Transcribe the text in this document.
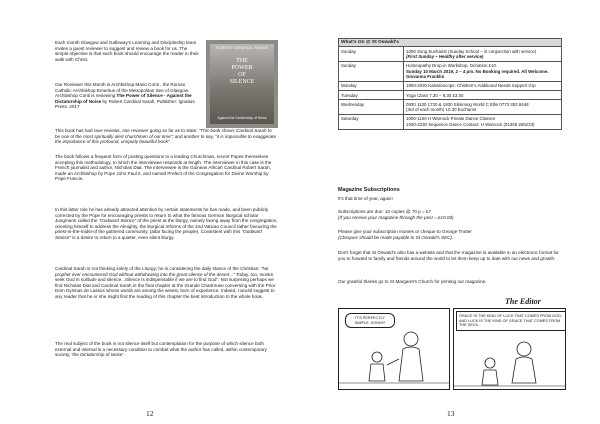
Each month Glasgow and Galloway's Learning and Discipleship team invites a guest reviewer to suggest and review a book for us. The simple objective is that each book should encourage the reader in their walk with Christ.

Our Reviewer this Month is Archbishop Mario Conti , the Roman Catholic Archbishop Emeritus of the Metropolitan See of Glasgow. Archbishop Conti is reviewing The Power of Silence - Against the Dictatorship of Noise by Robert Cardinal Sarah, Publisher: Ignatius Press. 2017

ROBERT CARDINAL SARAH
THE
POWER
OF
SILENCE
Against the Dictatorship of Noise

This book has had rave reviews, one reviewer going so far as to state: "This book shows Cardinal Sarah to be one of the most spiritually alert churchmen of our time"; and another to say, "it is impossible to exaggerate the importance of this profound, uniquely beautiful book".

The book follows a frequent form of posting questions to a leading Churchman, recent Popes themselves accepting this methodology, to which the interviewee responds at length. The interviewer in this case is the French journalist and author, Nicholas Diat. The interviewee is the Guinean African Cardinal Robert Sarah, made an Archbishop by Pope John Paul II, and named Prefect of the Congregation for Divine Worship by Pope Francis.

In this latter role he has already attracted attention by certain statements he has made, and been publicly corrected by the Pope for encouraging priests to return to what the famous German liturgical scholar Jungmann called the "Godward Stance" of the priest at the liturgy, namely facing away from the congregation, orienting himself to address the Almighty, the liturgical reforms of the 2nd Vatican Council rather favouring the priest-in-the-midst-of the gathered community, (altar facing the people). Consistent with this "Godward Stance" is a desire to return to a quieter, even silent liturgy.

Cardinal Sarah is not thinking solely of the Liturgy; he is considering the daily stance of the Christian: "No prophet ever encountered God without withdrawing into the great silence of the desert..." Today, too, monks seek God in solitude and silence...Silence is indispensable if we are to find God". Not surprising perhaps we find Nicholas Diat and Cardinal Sarah in the final chapter at the Grande Chartreuse conversing with the Prior Dom Dysmas de Lassus whose words are among the wisest, born of experience. Indeed, I would suggest to any reader that he or she might find the reading of this chapter the best introduction to the whole book.

The real subject of the book is not silence itself but contemplation for the purpose of which silence both external and internal is a necessary condition to combat what the author has called, within contemporary society, 'the Dictatorship of Noise'.

12
What's On @ St Oswald's	
Sunday	1000 Sung Eucharist (Sunday School – in conjunction with service)
(First Sunday – Healthy after service)

Sunday	Homeopathy Drop-in Workshop, Donation £10.
Sunday 10 March 2019, 2 – 4 pm. No Booking required. All Welcome. Giovanna Franklin

Monday	1800-2030 Kaleidoscope: Children's Additional Needs Support Grp

Tuesday	Yoga Class 7.30 – 8.30 £3.00

Wednesday	0930 1130 1730 & 1930 Slimming World C Ellis 0773 353 8448
(3rd of each month) 10.30 Eucharist

Saturday	1000-1100 H Warnock Private Dance Classes
1930-2230 Sequence Dance Contact: H Warnock (01355 265233)
Magazine Subscriptions

It's that time of year, again!

Subscriptions are due: 10 copies @ 70 p = £7
(If you receive your magazine through the post = £10.00)

Please give your subscription monies or cheque to George Trotter
(Cheques should be made payable to St Oswald's SEC).

Don't forget that St Oswald's also has a website and that the magazine is available in an electronic format for you to forward to family and friends around the world to let them keep up to date with our news and growth.

Our grateful thanks go to St Margaret's Church for printing our magazine.

The Editor
IT'S PERFECTLY SIMPLE, SONNY!
GRACE IS THE KIND OF LUCK THAT COMES FROM GOD, AND LUCK IS THE KIND OF GRACE THAT COMES FROM THE DEVIL.
13
